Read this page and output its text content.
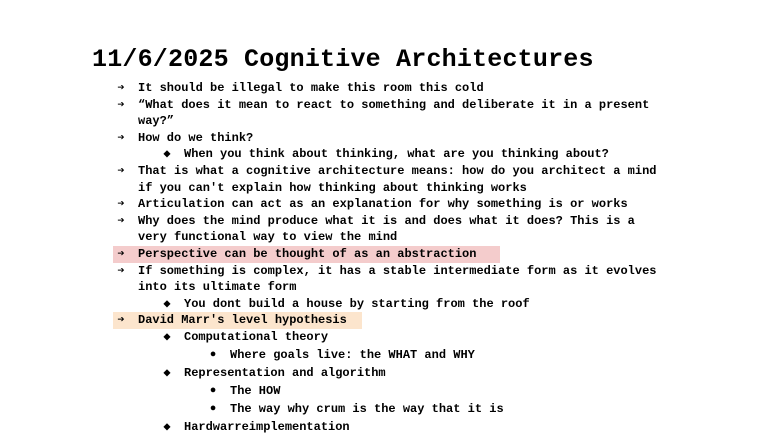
11/6/2025 Cognitive Architectures
➔ It should be illegal to make this room this cold
➔ “What does it mean to react to something and deliberate it in a present
way?”
➔ How do we think?
◆ When you think about thinking, what are you thinking about?
➔ That is what a cognitive architecture means: how do you architect a mind
if you can't explain how thinking about thinking works
➔ Articulation can act as an explanation for why something is or works
➔ Why does the mind produce what it is and does what it does? This is a
very functional way to view the mind
➔ Perspective can be thought of as an abstraction
➔ If something is complex, it has a stable intermediate form as it evolves
into its ultimate form
◆ You dont build a house by starting from the roof
➔ David Marr's level hypothesis
◆ Computational theory
●	Where goals live: the WHAT and WHY
◆ Representation and algorithm
●	The HOW
●	The way why crum is the way that it is
◆ Hardwarreimplementation
